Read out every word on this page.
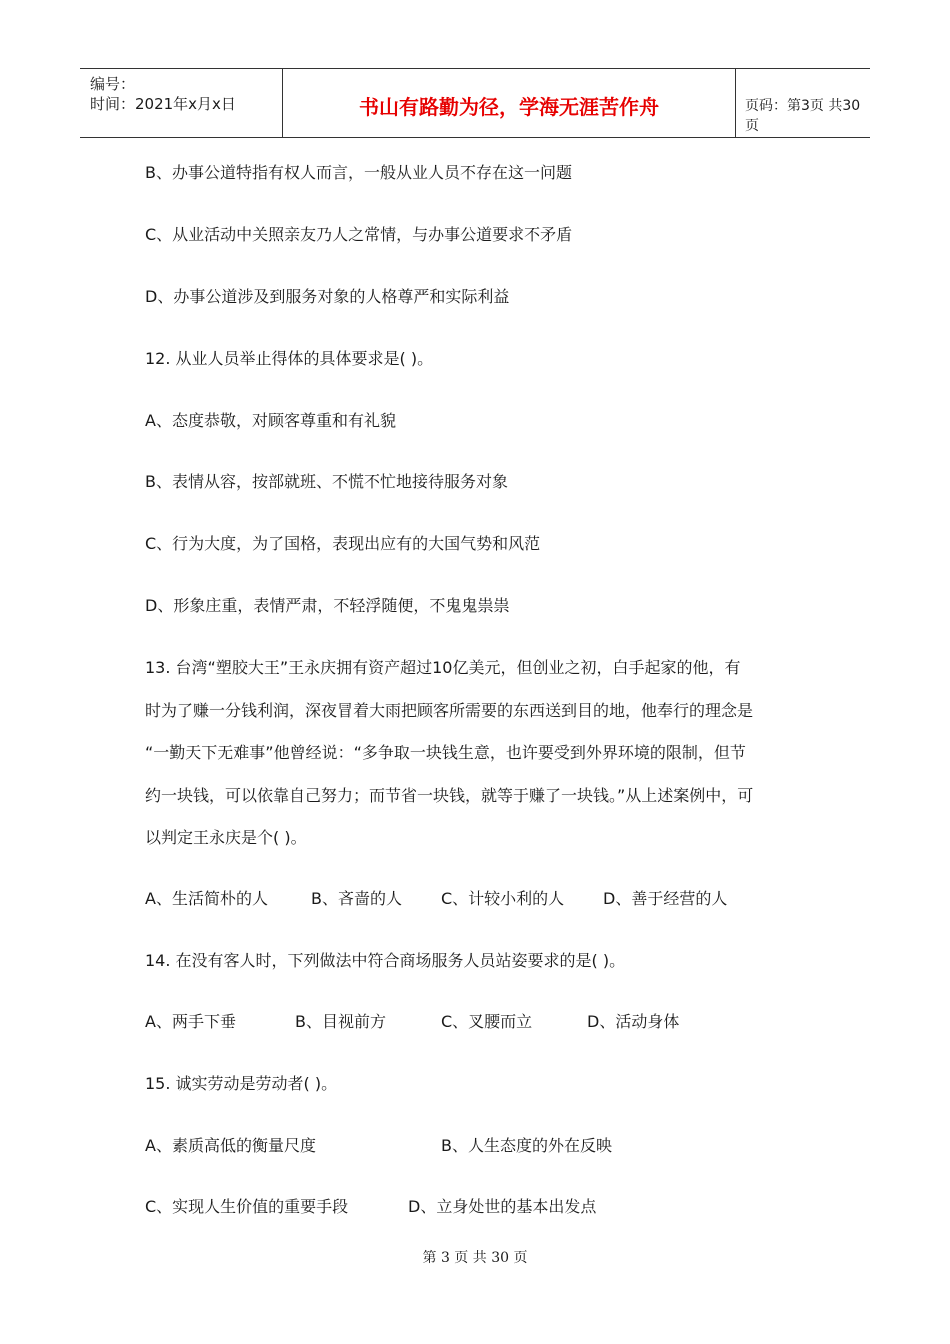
编号：
时间：2021年x月x日	书山有路勤为径，学海无涯苦作舟	页码：第3页 共30页
B、办事公道特指有权人而言，一般从业人员不存在这一问题
C、从业活动中关照亲友乃人之常情，与办事公道要求不矛盾
D、办事公道涉及到服务对象的人格尊严和实际利益
12. 从业人员举止得体的具体要求是( )。
A、态度恭敬，对顾客尊重和有礼貌
B、表情从容，按部就班、不慌不忙地接待服务对象
C、行为大度，为了国格，表现出应有的大国气势和风范
D、形象庄重，表情严肃，不轻浮随便，不鬼鬼祟祟
13. 台湾“塑胶大王”王永庆拥有资产超过10亿美元，但创业之初，白手起家的他，有
时为了赚一分钱利润，深夜冒着大雨把顾客所需要的东西送到目的地，他奉行的理念是
“一勤天下无难事”他曾经说：“多争取一块钱生意，也许要受到外界环境的限制，但节
约一块钱，可以依靠自己努力；而节省一块钱，就等于赚了一块钱。”从上述案例中，可
以判定王永庆是个( )。
A、生活简朴的人	B、吝啬的人 C、计较小利的人 D、善于经营的人
14. 在没有客人时，下列做法中符合商场服务人员站姿要求的是( )。
A、两手下垂	B、目视前方	C、叉腰而立	D、活动身体
15. 诚实劳动是劳动者( )。
A、素质高低的衡量尺度	B、人生态度的外在反映
C、实现人生价值的重要手段	D、立身处世的基本出发点
第 3 页 共 30 页
